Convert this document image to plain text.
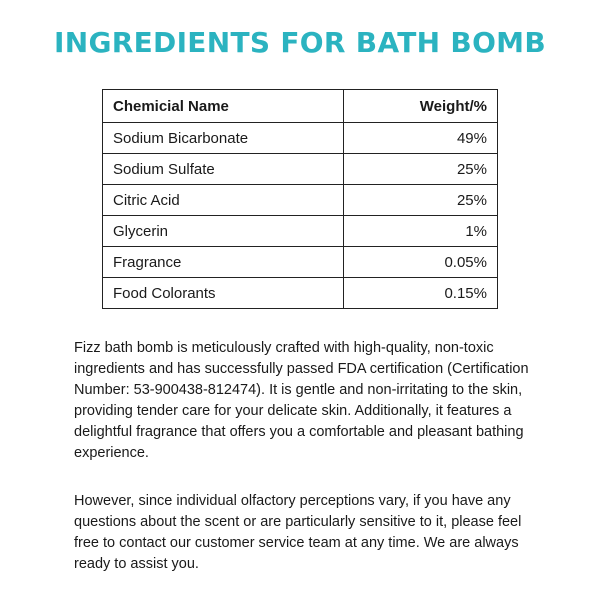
INGREDIENTS FOR BATH BOMB
Chemicial Name	Weight/%
Sodium Bicarbonate	49%
Sodium Sulfate	25%
Citric Acid	25%
Glycerin	1%
Fragrance	0.05%
Food Colorants	0.15%

Fizz bath bomb is meticulously crafted with high-quality, non-toxic ingredients and has successfully passed FDA certification (Certification Number: 53-900438-812474). It is gentle and non-irritating to the skin, providing tender care for your delicate skin. Additionally, it features a delightful fragrance that offers you a comfortable and pleasant bathing experience.

However, since individual olfactory perceptions vary, if you have any questions about the scent or are particularly sensitive to it, please feel free to contact our customer service team at any time. We are always ready to assist you.
